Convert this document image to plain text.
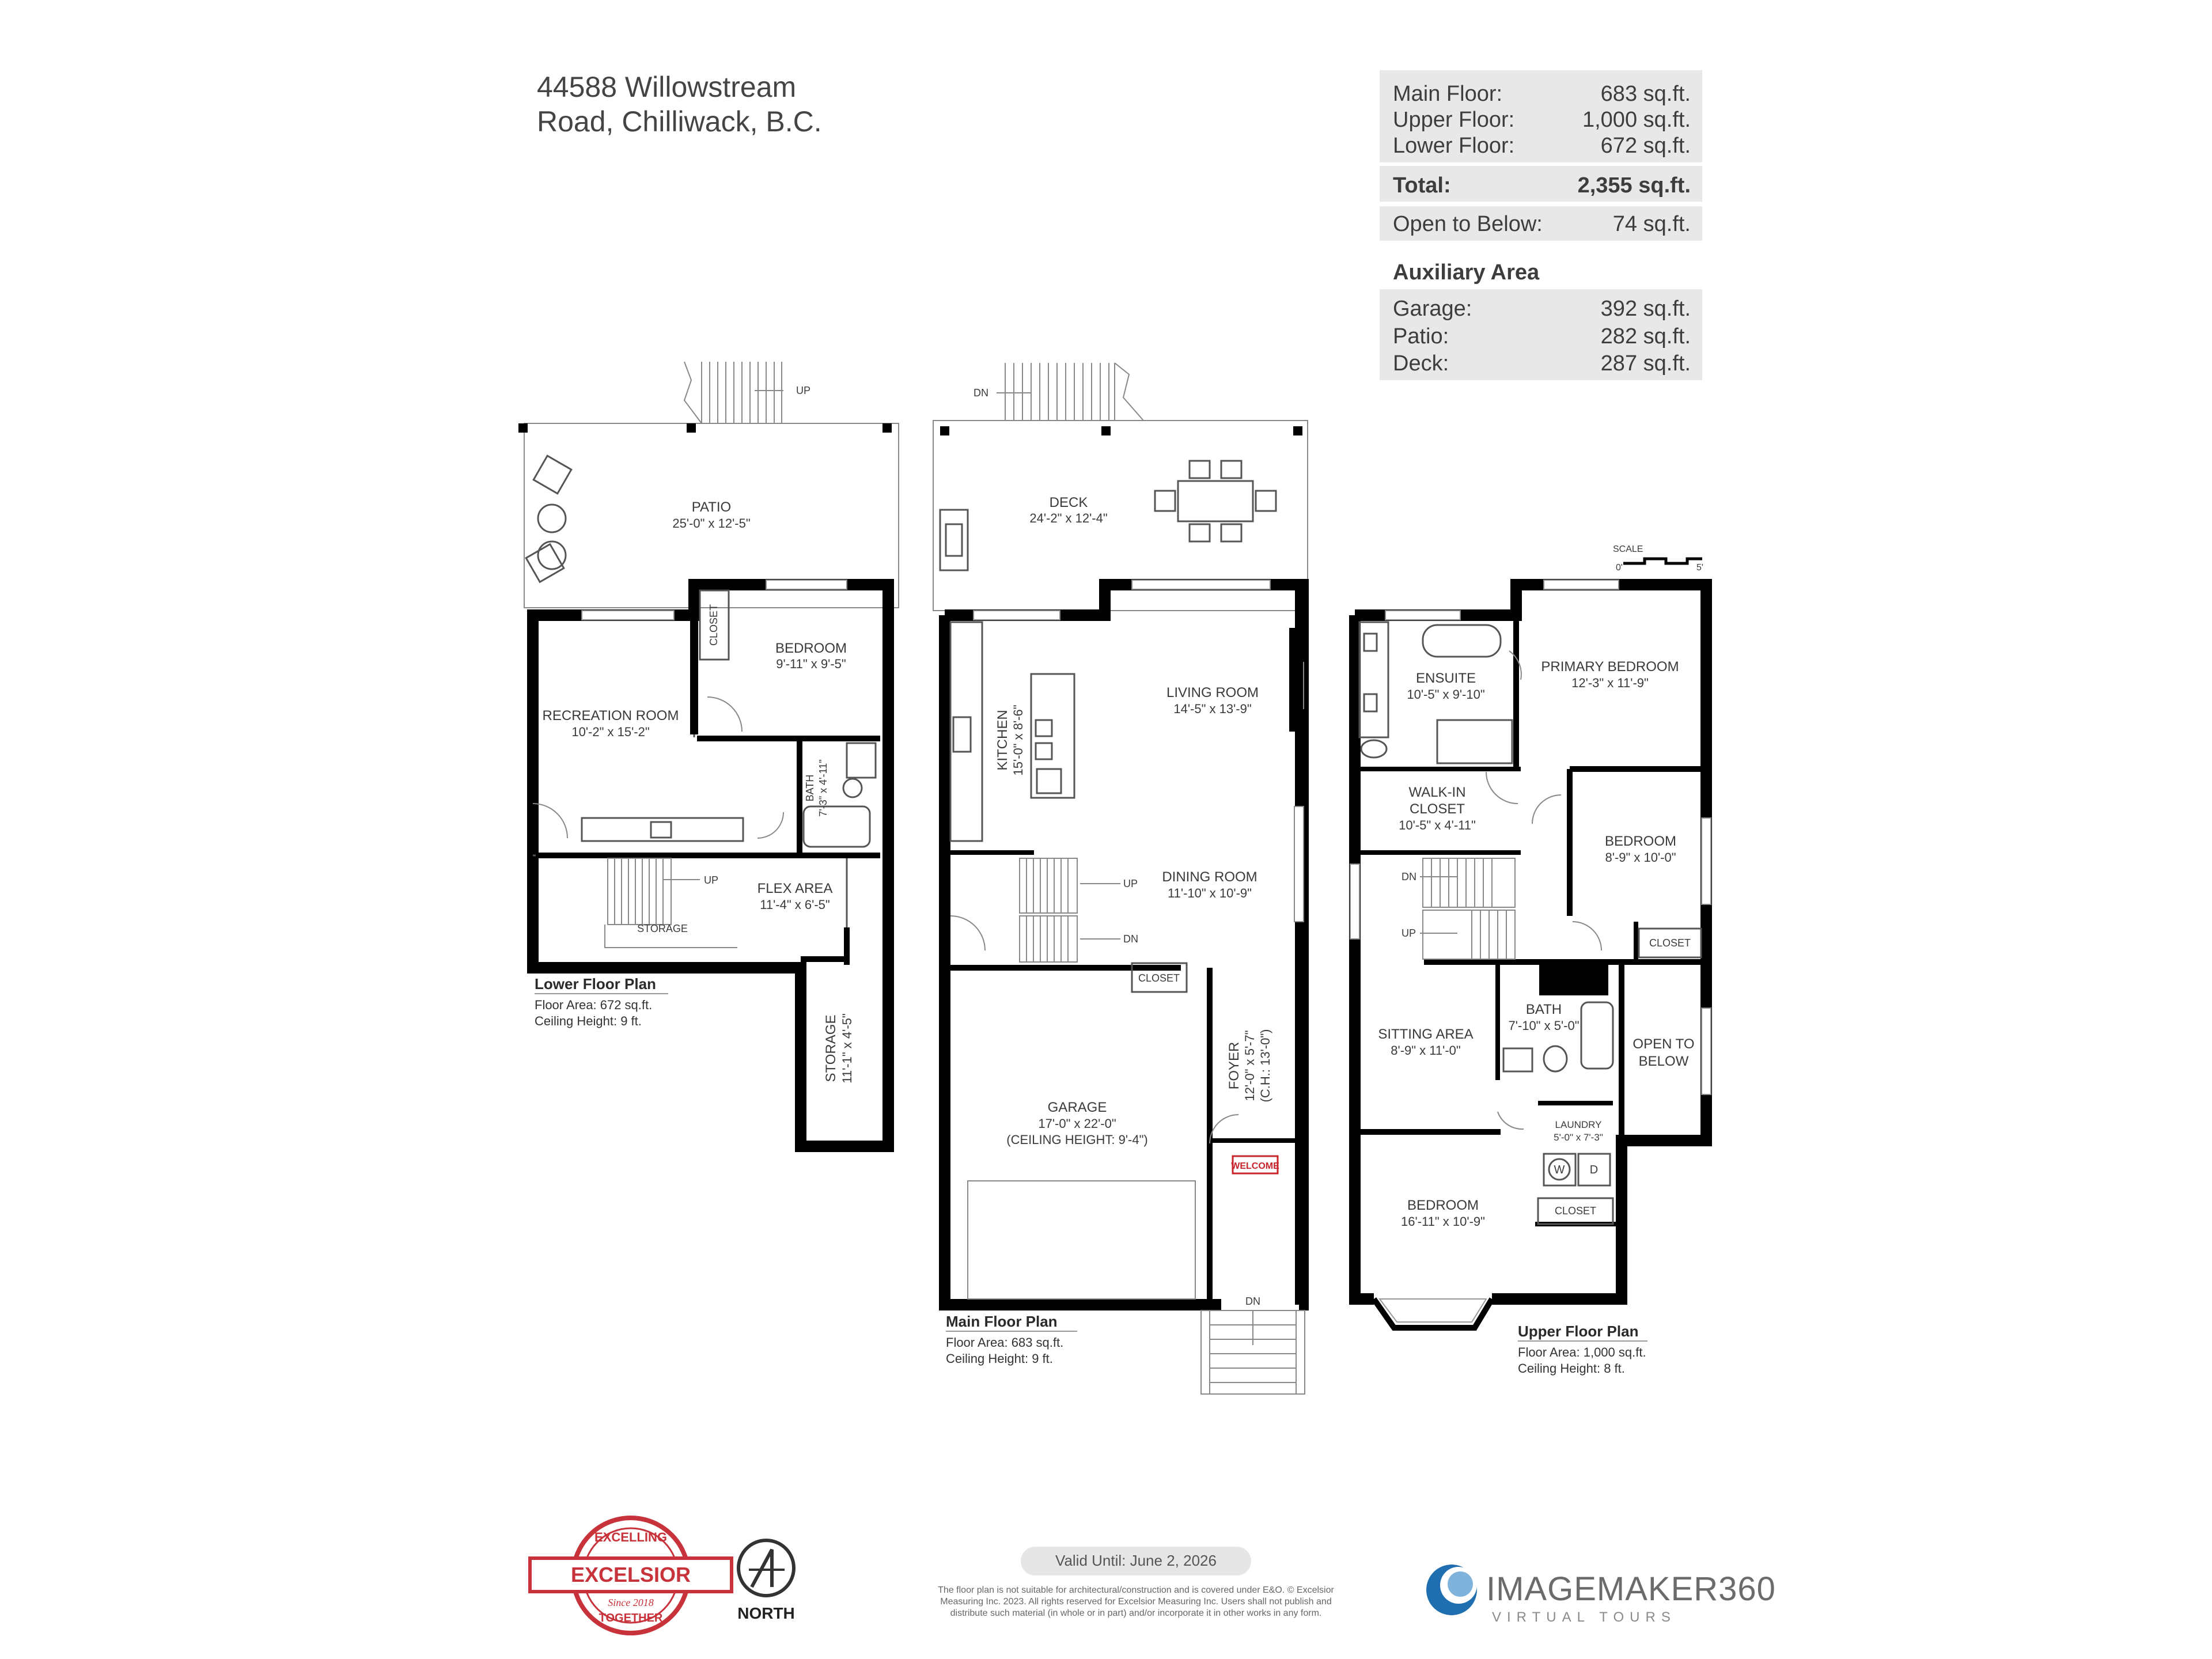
44588 Willowstream
Road, Chilliwack, B.C.
Main Floor:	683 sq.ft.
Upper Floor:	1,000 sq.ft.
Lower Floor:	672 sq.ft.
Total:	2,355 sq.ft.
Open to Below:	74 sq.ft.
Auxiliary Area
Garage:	392 sq.ft.
Patio:	282 sq.ft.
Deck:	287 sq.ft.
UP
PATIO
25'-0" x 12'-5"
CLOSET
UP
BEDROOM
9'-11" x 9'-5"
RECREATION ROOM
10'-2" x 15'-2"
BATH 7'-3" x 4'-11"
FLEX AREA
11'-4" x 6'-5"
STORAGE
STORAGE 11'-1" x 4'-5"
Lower Floor Plan
Floor Area: 672 sq.ft.
Ceiling Height: 9 ft.
DN
DECK
24'-2" x 12'-4"
KITCHEN 15'-0" x 8'-6"
LIVING ROOM
14'-5" x 13'-9"
DINING ROOM
11'-10" x 10'-9"
UP
DN
CLOSET
GARAGE
17'-0" x 22'-0"
(CEILING HEIGHT: 9'-4")
FOYER 12'-0" x 5'-7" (C.H.: 13'-0")
WELCOME
DN
Main Floor Plan
Floor Area: 683 sq.ft.
Ceiling Height: 9 ft.
SCALE
0'	5'
ENSUITE
10'-5" x 9'-10"
PRIMARY BEDROOM
12'-3" x 11'-9"
WALK-IN
CLOSET
10'-5" x 4'-11"
BEDROOM
8'-9" x 10'-0"
CLOSET
DN
UP
BATH
7'-10" x 5'-0"
OPEN TO
BELOW
SITTING AREA
8'-9" x 11'-0"
LAUNDRY
5'-0" x 7'-3"
W D
CLOSET
BEDROOM
16'-11" x 10'-9"
Upper Floor Plan
Floor Area: 1,000 sq.ft.
Ceiling Height: 8 ft.
EXCELSIOR
EXCELLING
Since 2018
TOGETHER	NORTH
Valid Until: June 2, 2026
The floor plan is not suitable for architectural/construction and is covered under E&O. © Excelsior
Measuring Inc. 2023. All rights reserved for Excelsior Measuring Inc. Users shall not publish and
distribute such material (in whole or in part) and/or incorporate it in other works in any form.
IMAGEMAKER360
VIRTUAL TOURS
